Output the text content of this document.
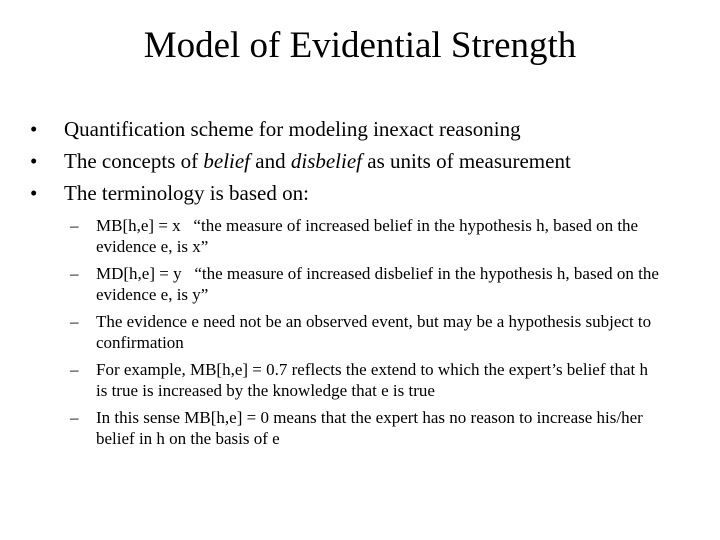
Model of Evidential Strength
• Quantification scheme for modeling inexact reasoning
• The concepts of belief and disbelief as units of measurement
• The terminology is based on:
– MB[h,e] = x   “the measure of increased belief in the hypothesis h, based on the evidence e, is x”
– MD[h,e] = y   “the measure of increased disbelief in the hypothesis h, based on the evidence e, is y”
– The evidence e need not be an observed event, but may be a hypothesis subject to confirmation
– For example, MB[h,e] = 0.7 reflects the extend to which the expert’s belief that h is true is increased by the knowledge that e is true
– In this sense MB[h,e] = 0 means that the expert has no reason to increase his/her belief in h on the basis of e
